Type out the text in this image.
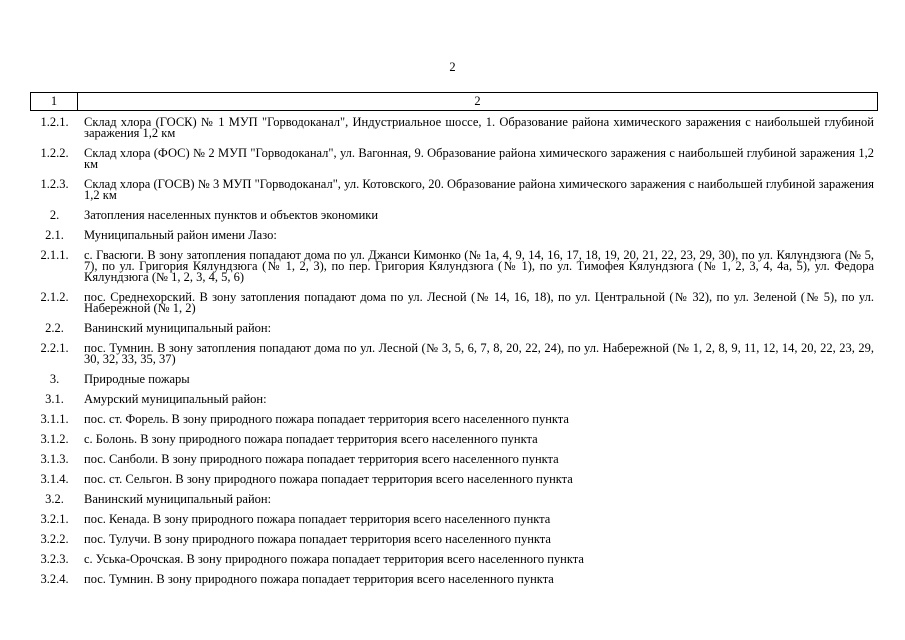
2
1	2
1.2.1.	Склад хлора (ГОСК) № 1 МУП "Горводоканал", Индустриальное шоссе, 1. Образование района химического заражения с наибольшей глубиной заражения 1,2 км
1.2.2.	Склад хлора (ФОС) № 2 МУП "Горводоканал", ул. Вагонная, 9. Образование района химического заражения с наибольшей глубиной заражения 1,2 км
1.2.3.	Склад хлора (ГОСВ) № 3 МУП "Горводоканал", ул. Котовского, 20. Образование района химического заражения с наибольшей глубиной заражения 1,2 км
2.	Затопления населенных пунктов и объектов экономики
2.1.	Муниципальный район имени Лазо:
2.1.1.	с. Гвасюги. В зону затопления попадают дома по ул. Джанси Кимонко (№ 1а, 4, 9, 14, 16, 17, 18, 19, 20, 21, 22, 23, 29, 30), по ул. Кялундзюга (№ 5, 7), по ул. Григория Кялундзюга (№ 1, 2, 3), по пер. Григория Кялундзюга (№ 1), по ул. Тимофея Кялундзюга (№ 1, 2, 3, 4, 4а, 5), ул. Федора Кялундзюга (№ 1, 2, 3, 4, 5, 6)
2.1.2.	пос. Среднехорский. В зону затопления попадают дома по ул. Лесной (№ 14, 16, 18), по ул. Центральной (№ 32), по ул. Зеленой (№ 5), по ул. Набережной (№ 1, 2)
2.2.	Ванинский муниципальный район:
2.2.1.	пос. Тумнин. В зону затопления попадают дома по ул. Лесной (№ 3, 5, 6, 7, 8, 20, 22, 24), по ул. Набережной (№ 1, 2, 8, 9, 11, 12, 14, 20, 22, 23, 29, 30, 32, 33, 35, 37)
3.	Природные пожары
3.1.	Амурский муниципальный район:
3.1.1.	пос. ст. Форель. В зону природного пожара попадает территория всего населенного пункта
3.1.2.	с. Болонь. В зону природного пожара попадает территория всего населенного пункта
3.1.3.	пос. Санболи. В зону природного пожара попадает территория всего населенного пункта
3.1.4.	пос. ст. Сельгон. В зону природного пожара попадает территория всего населенного пункта
3.2.	Ванинский муниципальный район:
3.2.1.	пос. Кенада. В зону природного пожара попадает территория всего населенного пункта
3.2.2.	пос. Тулучи. В зону природного пожара попадает территория всего населенного пункта
3.2.3.	с. Уська-Орочская. В зону природного пожара попадает территория всего населенного пункта
3.2.4.	пос. Тумнин. В зону природного пожара попадает территория всего населенного пункта
